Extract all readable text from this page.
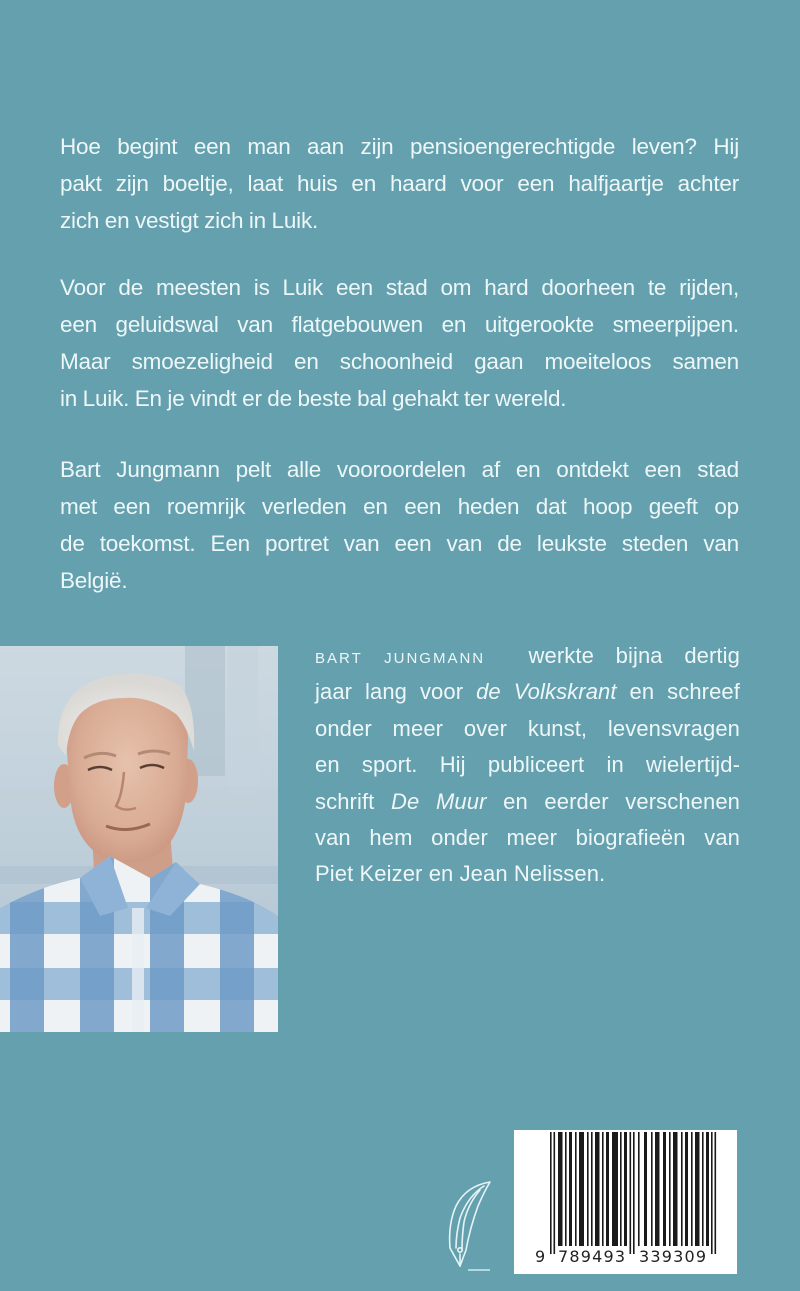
Hoe begint een man aan zijn pensioengerechtigde leven? Hij
pakt zijn boeltje, laat huis en haard voor een halfjaartje achter
zich en vestigt zich in Luik.
Voor de meesten is Luik een stad om hard doorheen te rijden,
een geluidswal van flatgebouwen en uitgerookte smeerpijpen.
Maar smoezeligheid en schoonheid gaan moeiteloos samen
in Luik. En je vindt er de beste bal gehakt ter wereld.
Bart Jungmann pelt alle vooroordelen af en ontdekt een stad
met een roemrijk verleden en een heden dat hoop geeft op
de toekomst. Een portret van een van de leukste steden van
België.
BART JUNGMANN  werkte bijna dertig
jaar lang voor de Volkskrant en schreef
onder meer over kunst, levensvragen
en sport. Hij publiceert in wielertijd-
schrift De Muur en eerder verschenen
van hem onder meer biografieën van
Piet Keizer en Jean Nelissen.
9 789493 339309
